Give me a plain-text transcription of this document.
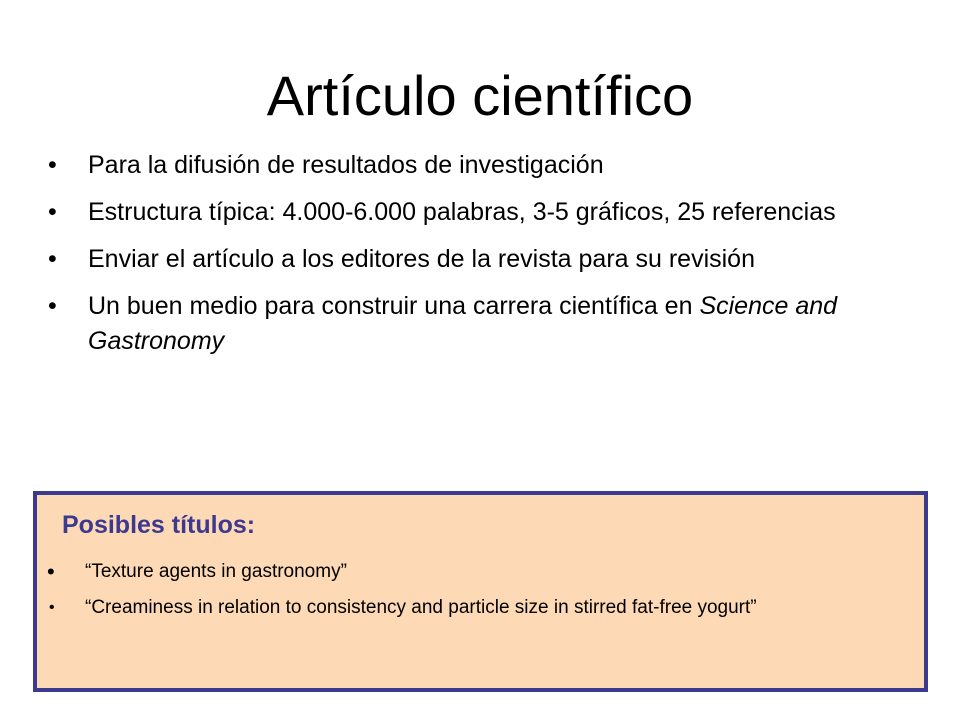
Artículo científico
• Para la difusión de resultados de investigación
• Estructura típica: 4.000-6.000 palabras, 3-5 gráficos, 25 referencias
• Enviar el artículo a los editores de la revista para su revisión
• Un buen medio para construir una carrera científica en Science and Gastronomy
Posibles títulos:
• “Texture agents in gastronomy”
• “Creaminess in relation to consistency and particle size in stirred fat-free yogurt”
